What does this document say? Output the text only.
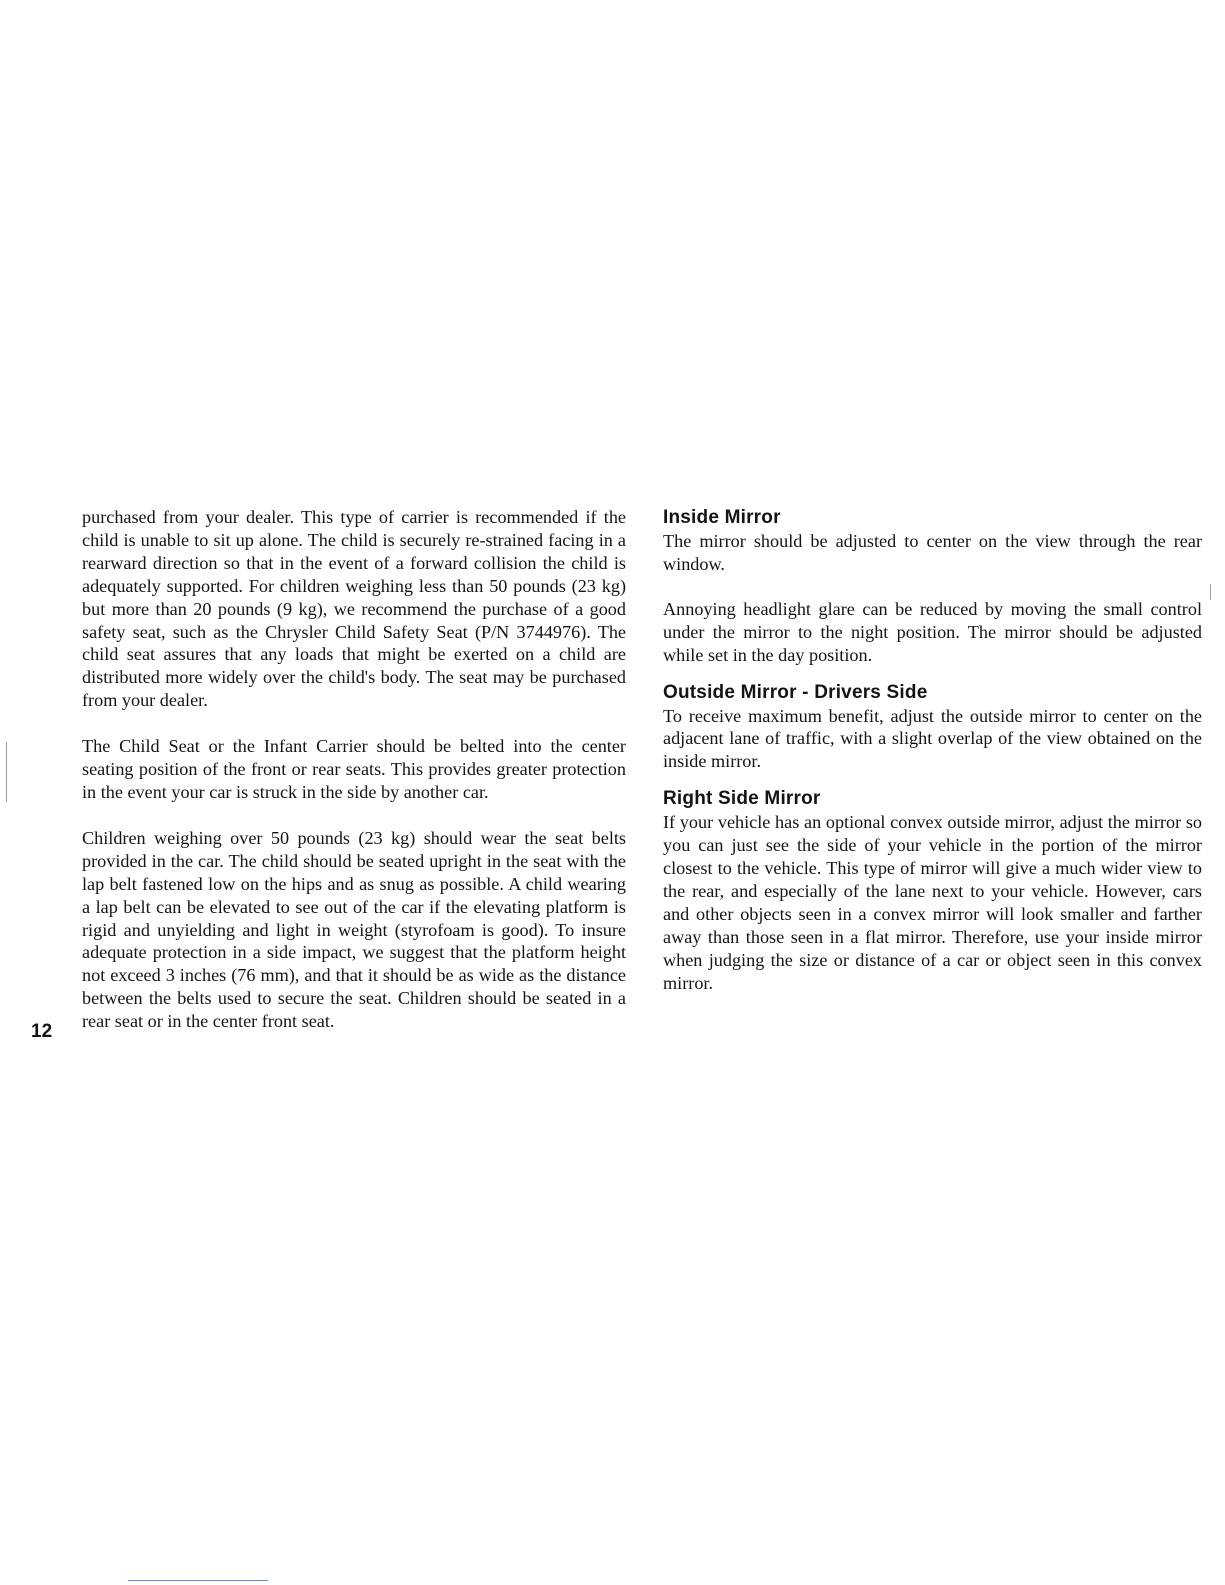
purchased from your dealer. This type of carrier is recommended if the child is unable to sit up alone. The child is securely re-strained facing in a rearward direction so that in the event of a forward collision the child is adequately supported. For children weighing less than 50 pounds (23 kg) but more than 20 pounds (9 kg), we recommend the purchase of a good safety seat, such as the Chrysler Child Safety Seat (P/N 3744976). The child seat assures that any loads that might be exerted on a child are distributed more widely over the child's body. The seat may be purchased from your dealer.

The Child Seat or the Infant Carrier should be belted into the center seating position of the front or rear seats. This provides greater protection in the event your car is struck in the side by another car.

Children weighing over 50 pounds (23 kg) should wear the seat belts provided in the car. The child should be seated upright in the seat with the lap belt fastened low on the hips and as snug as possible. A child wearing a lap belt can be elevated to see out of the car if the elevating platform is rigid and unyielding and light in weight (styrofoam is good). To insure adequate protection in a side impact, we suggest that the platform height not exceed 3 inches (76 mm), and that it should be as wide as the distance between the belts used to secure the seat. Children should be seated in a rear seat or in the center front seat.

12
Inside Mirror

The mirror should be adjusted to center on the view through the rear window.

Annoying headlight glare can be reduced by moving the small control under the mirror to the night position. The mirror should be adjusted while set in the day position.

Outside Mirror - Drivers Side

To receive maximum benefit, adjust the outside mirror to center on the adjacent lane of traffic, with a slight overlap of the view obtained on the inside mirror.

Right Side Mirror

If your vehicle has an optional convex outside mirror, adjust the mirror so you can just see the side of your vehicle in the portion of the mirror closest to the vehicle. This type of mirror will give a much wider view to the rear, and especially of the lane next to your vehicle. However, cars and other objects seen in a convex mirror will look smaller and farther away than those seen in a flat mirror. Therefore, use your inside mirror when judging the size or distance of a car or object seen in this convex mirror.
